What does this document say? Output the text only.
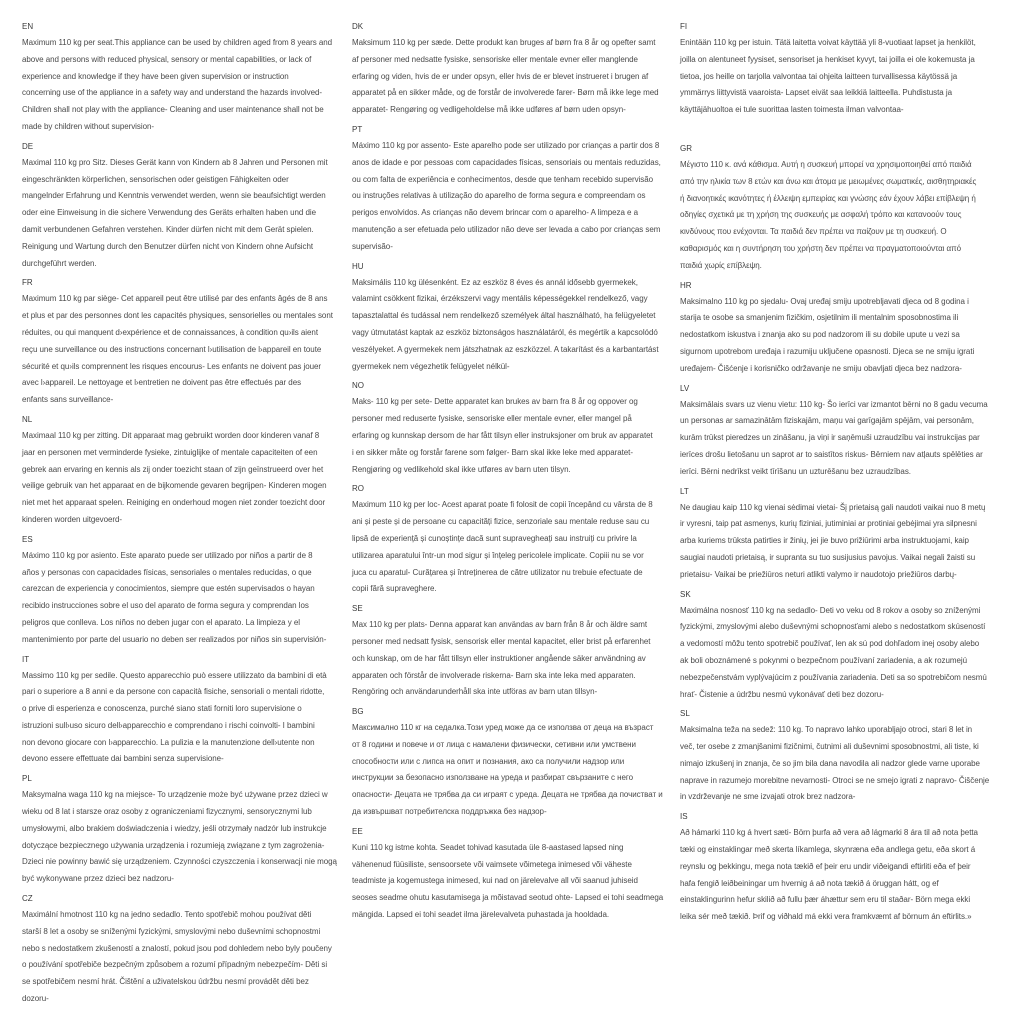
EN
Maximum 110 kg per seat.This appliance can be used by children aged from 8 years and
above and persons with reduced physical, sensory or mental capabilities, or lack of
experience and knowledge if they have been given supervision or instruction
concerning use of the appliance in a safety way and understand the hazards involved-
Children shall not play with the appliance- Cleaning and user maintenance shall not be
made by children without supervision-
DE
Maximal 110 kg pro Sitz. Dieses Gerät kann von Kindern ab 8 Jahren und Personen mit
eingeschränkten körperlichen, sensorischen oder geistigen Fähigkeiten oder
mangelnder Erfahrung und Kenntnis verwendet werden, wenn sie beaufsichtigt werden
oder eine Einweisung in die sichere Verwendung des Geräts erhalten haben und die
damit verbundenen Gefahren verstehen. Kinder dürfen nicht mit dem Gerät spielen.
Reinigung und Wartung durch den Benutzer dürfen nicht von Kindern ohne Aufsicht
durchgeführt werden.
FR
Maximum 110 kg par siège- Cet appareil peut être utilisé par des enfants âgés de 8 ans
et plus et par des personnes dont les capacités physiques, sensorielles ou mentales sont
réduites, ou qui manquent d›expérience et de connaissances, à condition qu›ils aient
reçu une surveillance ou des instructions concernant l›utilisation de l›appareil en toute
sécurité et qu›ils comprennent les risques encourus- Les enfants ne doivent pas jouer
avec l›appareil. Le nettoyage et l›entretien ne doivent pas être effectués par des
enfants sans surveillance-
NL
Maximaal 110 kg per zitting. Dit apparaat mag gebruikt worden door kinderen vanaf 8
jaar en personen met verminderde fysieke, zintuiglijke of mentale capaciteiten of een
gebrek aan ervaring en kennis als zij onder toezicht staan of zijn geïnstrueerd over het
veilige gebruik van het apparaat en de bijkomende gevaren begrijpen- Kinderen mogen
niet met het apparaat spelen. Reiniging en onderhoud mogen niet zonder toezicht door
kinderen worden uitgevoerd-
ES
Máximo 110 kg por asiento. Este aparato puede ser utilizado por niños a partir de 8
años y personas con capacidades físicas, sensoriales o mentales reducidas, o que
carezcan de experiencia y conocimientos, siempre que estén supervisados o hayan
recibido instrucciones sobre el uso del aparato de forma segura y comprendan los
peligros que conlleva. Los niños no deben jugar con el aparato. La limpieza y el
mantenimiento por parte del usuario no deben ser realizados por niños sin supervisión-
IT
Massimo 110 kg per sedile. Questo apparecchio può essere utilizzato da bambini di età
pari o superiore a 8 anni e da persone con capacità fisiche, sensoriali o mentali ridotte,
o prive di esperienza e conoscenza, purché siano stati forniti loro supervisione o
istruzioni sull›uso sicuro dell›apparecchio e comprendano i rischi coinvolti- I bambini
non devono giocare con l›apparecchio. La pulizia e la manutenzione dell›utente non
devono essere effettuate dai bambini senza supervisione-
PL
Maksymalna waga 110 kg na miejsce- To urządzenie może być używane przez dzieci w
wieku od 8 lat i starsze oraz osoby z ograniczeniami fizycznymi, sensorycznymi lub
umysłowymi, albo brakiem doświadczenia i wiedzy, jeśli otrzymały nadzór lub instrukcje
dotyczące bezpiecznego używania urządzenia i rozumieją związane z tym zagrożenia-
Dzieci nie powinny bawić się urządzeniem. Czynności czyszczenia i konserwacji nie mogą
być wykonywane przez dzieci bez nadzoru-
CZ
Maximální hmotnost 110 kg na jedno sedadlo. Tento spotřebič mohou používat děti
starší 8 let a osoby se sníženými fyzickými, smyslovými nebo duševními schopnostmi
nebo s nedostatkem zkušeností a znalostí, pokud jsou pod dohledem nebo byly poučeny
o používání spotřebiče bezpečným způsobem a rozumí případným nebezpečím- Děti si
se spotřebičem nesmí hrát. Čištění a uživatelskou údržbu nesmí provádět děti bez
dozoru-
DK
Maksimum 110 kg per sæde. Dette produkt kan bruges af børn fra 8 år og opefter samt
af personer med nedsatte fysiske, sensoriske eller mentale evner eller manglende
erfaring og viden, hvis de er under opsyn, eller hvis de er blevet instrueret i brugen af
apparatet på en sikker måde, og de forstår de involverede farer- Børn må ikke lege med
apparatet- Rengøring og vedligeholdelse må ikke udføres af børn uden opsyn-
PT
Máximo 110 kg por assento- Este aparelho pode ser utilizado por crianças a partir dos 8
anos de idade e por pessoas com capacidades físicas, sensoriais ou mentais reduzidas,
ou com falta de experiência e conhecimentos, desde que tenham recebido supervisão
ou instruções relativas à utilização do aparelho de forma segura e compreendam os
perigos envolvidos. As crianças não devem brincar com o aparelho- A limpeza e a
manutenção a ser efetuada pelo utilizador não deve ser levada a cabo por crianças sem
supervisão-
HU
Maksimális 110 kg ülésenként. Ez az eszköz 8 éves és annál idősebb gyermekek,
valamint csökkent fizikai, érzékszervi vagy mentális képességekkel rendelkező, vagy
tapasztalattal és tudással nem rendelkező személyek által használható, ha felügyeletet
vagy útmutatást kaptak az eszköz biztonságos használatáról, és megértik a kapcsolódó
veszélyeket. A gyermekek nem játszhatnak az eszközzel. A takarítást és a karbantartást
gyermekek nem végezhetik felügyelet nélkül-
NO
Maks- 110 kg per sete- Dette apparatet kan brukes av barn fra 8 år og oppover og
personer med reduserte fysiske, sensoriske eller mentale evner, eller mangel på
erfaring og kunnskap dersom de har fått tilsyn eller instruksjoner om bruk av apparatet
i en sikker måte og forstår farene som følger- Barn skal ikke leke med apparatet-
Rengjøring og vedlikehold skal ikke utføres av barn uten tilsyn.
RO
Maximum 110 kg per loc- Acest aparat poate fi folosit de copii începând cu vârsta de 8
ani și peste și de persoane cu capacități fizice, senzoriale sau mentale reduse sau cu
lipsă de experiență și cunoștințe dacă sunt supravegheați sau instruiți cu privire la
utilizarea aparatului într-un mod sigur și înțeleg pericolele implicate. Copiii nu se vor
juca cu aparatul- Curățarea și întreținerea de către utilizator nu trebuie efectuate de
copii fără supraveghere.
SE
Max 110 kg per plats- Denna apparat kan användas av barn från 8 år och äldre samt
personer med nedsatt fysisk, sensorisk eller mental kapacitet, eller brist på erfarenhet
och kunskap, om de har fått tillsyn eller instruktioner angående säker användning av
apparaten och förstår de involverade riskerna- Barn ska inte leka med apparaten.
Rengöring och användarunderhåll ska inte utföras av barn utan tillsyn-
BG
Максимално 110 кг на седалка.Този уред може да се използва от деца на възраст
от 8 години и повече и от лица с намалени физически, сетивни или умствени
способности или с липса на опит и познания, ако са получили надзор или
инструкции за безопасно използване на уреда и разбират свързаните с него
опасности- Децата не трябва да си играят с уреда. Децата не трябва да почистват и
да извършват потребителска поддръжка без надзор-
EE
Kuni 110 kg istme kohta. Seadet tohivad kasutada üle 8-aastased lapsed ning
vähenenud füüsiliste, sensoorsete või vaimsete võimetega inimesed või väheste
teadmiste ja kogemustega inimesed, kui nad on järelevalve all või saanud juhiseid
seoses seadme ohutu kasutamisega ja mõistavad seotud ohte- Lapsed ei tohi seadmega
mängida. Lapsed ei tohi seadet ilma järelevalveta puhastada ja hooldada.
FI
Enintään 110 kg per istuin. Tätä laitetta voivat käyttää yli 8-vuotiaat lapset ja henkilöt,
joilla on alentuneet fyysiset, sensoriset ja henkiset kyvyt, tai joilla ei ole kokemusta ja
tietoa, jos heille on tarjolla valvontaa tai ohjeita laitteen turvallisessa käytössä ja
ymmärrys liittyvistä vaaroista- Lapset eivät saa leikkiä laitteella. Puhdistusta ja
käyttäjähuoltoa ei tule suorittaa lasten toimesta ilman valvontaa-
GR
Μέγιστο 110 κ. ανά κάθισμα. Αυτή η συσκευή μπορεί να χρησιμοποιηθεί από παιδιά
από την ηλικία των 8 ετών και άνω και άτομα με μειωμένες σωματικές, αισθητηριακές
ή διανοητικές ικανότητες ή έλλειψη εμπειρίας και γνώσης εάν έχουν λάβει επίβλεψη ή
οδηγίες σχετικά με τη χρήση της συσκευής με ασφαλή τρόπο και κατανοούν τους
κινδύνους που ενέχονται. Τα παιδιά δεν πρέπει να παίζουν με τη συσκευή. Ο
καθαρισμός και η συντήρηση του χρήστη δεν πρέπει να πραγματοποιούνται από
παιδιά χωρίς επίβλεψη.
HR
Maksimalno 110 kg po sjedalu- Ovaj uređaj smiju upotrebljavati djeca od 8 godina i
starija te osobe sa smanjenim fizičkim, osjetilnim ili mentalnim sposobnostima ili
nedostatkom iskustva i znanja ako su pod nadzorom ili su dobile upute u vezi sa
sigurnom upotrebom uređaja i razumiju uključene opasnosti. Djeca se ne smiju igrati
uređajem- Čišćenje i korisničko održavanje ne smiju obavljati djeca bez nadzora-
LV
Maksimālais svars uz vienu vietu: 110 kg- Šo ierīci var izmantot bērni no 8 gadu vecuma
un personas ar samazinātām fiziskajām, maņu vai garīgajām spējām, vai personām,
kurām trūkst pieredzes un zināšanu, ja viņi ir saņēmuši uzraudzību vai instrukcijas par
ierīces drošu lietošanu un saprot ar to saistītos riskus- Bērniem nav atļauts spēlēties ar
ierīci. Bērni nedrīkst veikt tīrīšanu un uzturēšanu bez uzraudzības.
LT
Ne daugiau kaip 110 kg vienai sėdimai vietai- Šį prietaisą gali naudoti vaikai nuo 8 metų
ir vyresni, taip pat asmenys, kurių fiziniai, jutiminiai ar protiniai gebėjimai yra silpnesni
arba kuriems trūksta patirties ir žinių, jei jie buvo prižiūrimi arba instruktuojami, kaip
saugiai naudoti prietaisą, ir supranta su tuo susijusius pavojus. Vaikai negali žaisti su
prietaisu- Vaikai be priežiūros neturi atlikti valymo ir naudotojo priežiūros darbų-
SK
Maximálna nosnosť 110 kg na sedadlo- Deti vo veku od 8 rokov a osoby so zníženými
fyzickými, zmyslovými alebo duševnými schopnosťami alebo s nedostatkom skúseností
a vedomostí môžu tento spotrebič používať, len ak sú pod dohľadom inej osoby alebo
ak boli oboznámené s pokynmi o bezpečnom používaní zariadenia, a ak rozumejú
nebezpečenstvám vyplývajúcim z používania zariadenia. Deti sa so spotrebičom nesmú
hrať- Čistenie a údržbu nesmú vykonávať deti bez dozoru-
SL
Maksimalna teža na sedež: 110 kg. To napravo lahko uporabljajo otroci, stari 8 let in
več, ter osebe z zmanjšanimi fizičnimi, čutnimi ali duševnimi sposobnostmi, ali tiste, ki
nimajo izkušenj in znanja, če so jim bila dana navodila ali nadzor glede varne uporabe
naprave in razumejo morebitne nevarnosti- Otroci se ne smejo igrati z napravo- Čiščenje
in vzdrževanje ne sme izvajati otrok brez nadzora-
IS
Að hámarki 110 kg á hvert sæti- Börn þurfa að vera að lágmarki 8 ára til að nota þetta
tæki og einstaklingar með skerta líkamlega, skynræna eða andlega getu, eða skort á
reynslu og þekkingu, mega nota tækið ef þeir eru undir viðeigandi eftirliti eða ef þeir
hafa fengið leiðbeiningar um hvernig á að nota tækið á öruggan hátt, og ef
einstaklingurinn hefur skilið að fullu þær áhættur sem eru til staðar- Börn mega ekki
leika sér með tækið. Þrif og viðhald má ekki vera framkvæmt af börnum án eftirlits.»
